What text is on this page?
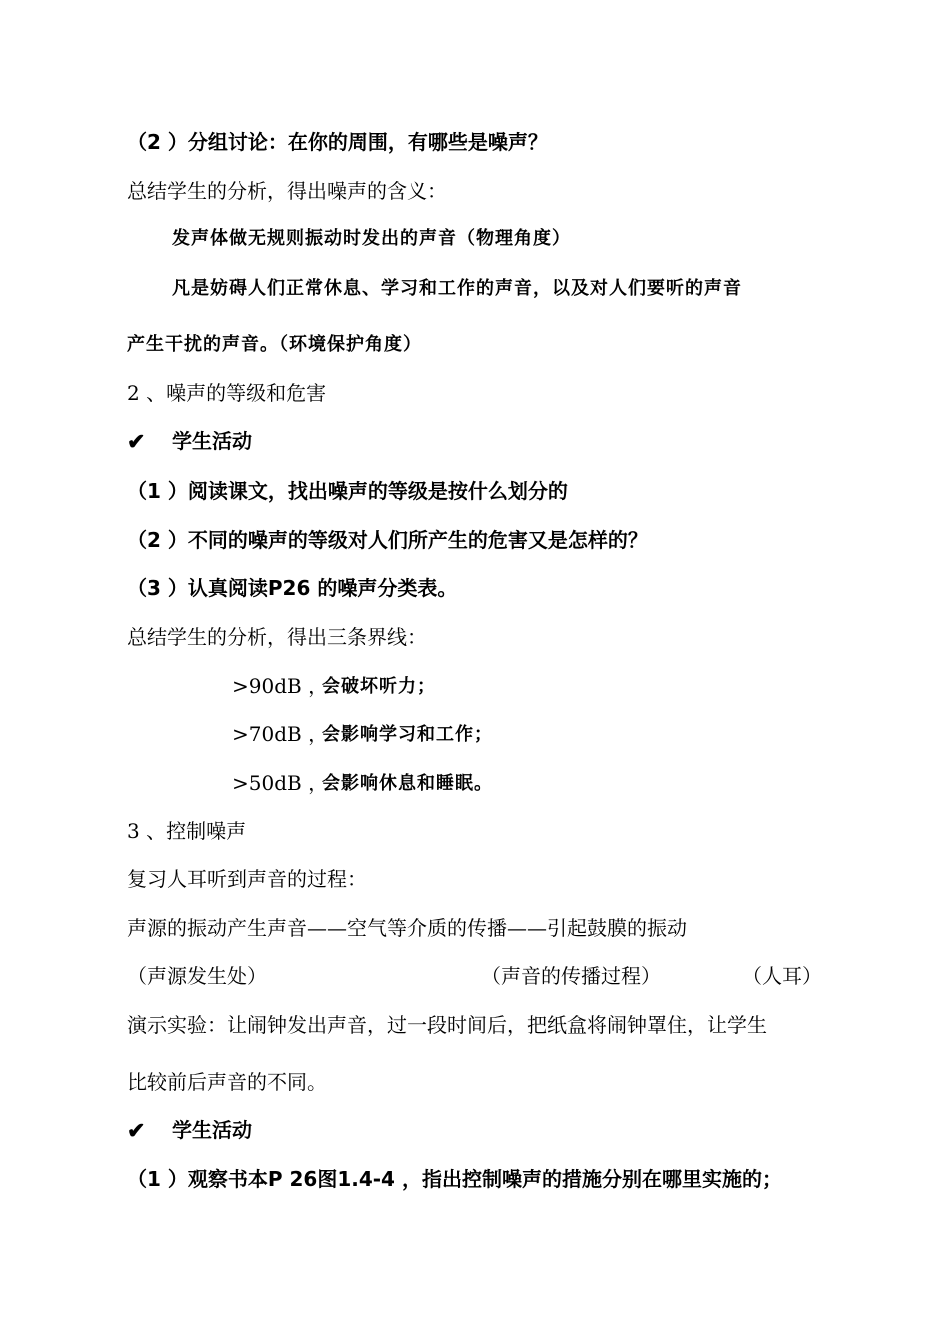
（2 ）分组讨论：在你的周围，有哪些是噪声？
总结学生的分析，得出噪声的含义：
发声体做无规则振动时发出的声音（物理角度）
凡是妨碍人们正常休息、学习和工作的声音，以及对人们要听的声音
产生干扰的声音。（环境保护角度）
2 、噪声的等级和危害
✔ 学生活动
（1 ）阅读课文，找出噪声的等级是按什么划分的
（2 ）不同的噪声的等级对人们所产生的危害又是怎样的？
（3 ）认真阅读P26 的噪声分类表。
总结学生的分析，得出三条界线：
>90dB ，
会破坏听力；
>70dB ，
会影响学习和工作；
>50dB ，
会影响休息和睡眠。
3 、控制噪声
复习人耳听到声音的过程：
声源的振动产生声音——空气等介质的传播——引起鼓膜的振动
（声源发生处）	（声音的传播过程）	（人耳）
演示实验：让闹钟发出声音，过一段时间后，把纸盒将闹钟罩住，让学生
比较前后声音的不同。
✔ 学生活动
（1 ）观察书本P 26图1.4-4 ，指出控制噪声的措施分别在哪里实施的；
